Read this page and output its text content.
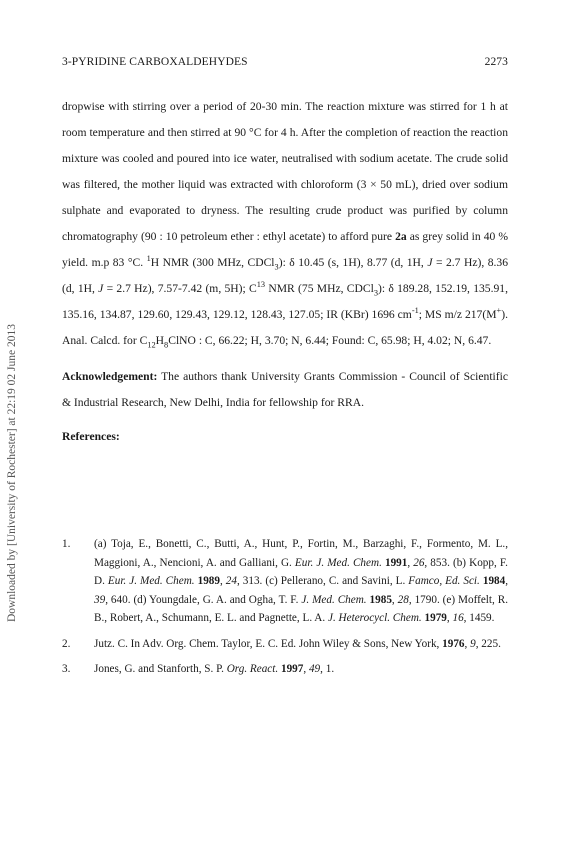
3-PYRIDINE CARBOXALDEHYDES	2273
Downloaded by [University of Rochester] at 22:19 02 June 2013

dropwise with stirring over a period of 20-30 min. The reaction mixture was stirred for 1 h at room temperature and then stirred at 90 °C for 4 h. After the completion of reaction the reaction mixture was cooled and poured into ice water, neutralised with sodium acetate. The crude solid was filtered, the mother liquid was extracted with chloroform (3 × 50 mL), dried over sodium sulphate and evaporated to dryness. The resulting crude product was purified by column chromatography (90 : 10 petroleum ether : ethyl acetate) to afford pure 2a as grey solid in 40 % yield. m.p 83 °C. $^1$H NMR (300 MHz, CDCl$_3$): δ 10.45 (s, 1H), 8.77 (d, 1H, J = 2.7 Hz), 8.36 (d, 1H, J = 2.7 Hz), 7.57-7.42 (m, 5H); $C^{13}$ NMR (75 MHz, CDCl$_3$): δ 189.28, 152.19, 135.91, 135.16, 134.87, 129.60, 129.43, 129.12, 128.43, 127.05; IR (KBr) 1696 $cm^{-1}$; MS m/z 217(M+). Anal. Calcd. for $C_{12}H_8ClNO$ : C, 66.22; H, 3.70; N, 6.44; Found: C, 65.98; H, 4.02; N, 6.47.

Acknowledgement: The authors thank University Grants Commission - Council of Scientific & Industrial Research, New Delhi, India for fellowship for RRA.

References:

1.	(a) Toja, E., Bonetti, C., Butti, A., Hunt, P., Fortin, M., Barzaghi, F., Formento, M. L., Maggioni, A., Nencioni, A. and Galliani, G. Eur. J. Med. Chem. 1991, 26, 853. (b) Kopp, F. D. Eur. J. Med. Chem. 1989, 24, 313. (c) Pellerano, C. and Savini, L. Famco, Ed. Sci. 1984, 39, 640. (d) Youngdale, G. A. and Ogha, T. F. J. Med. Chem. 1985, 28, 1790. (e) Moffelt, R. B., Robert, A., Schumann, E. L. and Pagnette, L. A. J. Heterocycl. Chem. 1979, 16, 1459.
2.	Jutz. C. In Adv. Org. Chem. Taylor, E. C. Ed. John Wiley & Sons, New York, 1976, 9, 225.
3.	Jones, G. and Stanforth, S. P. Org. React. 1997, 49, 1.
